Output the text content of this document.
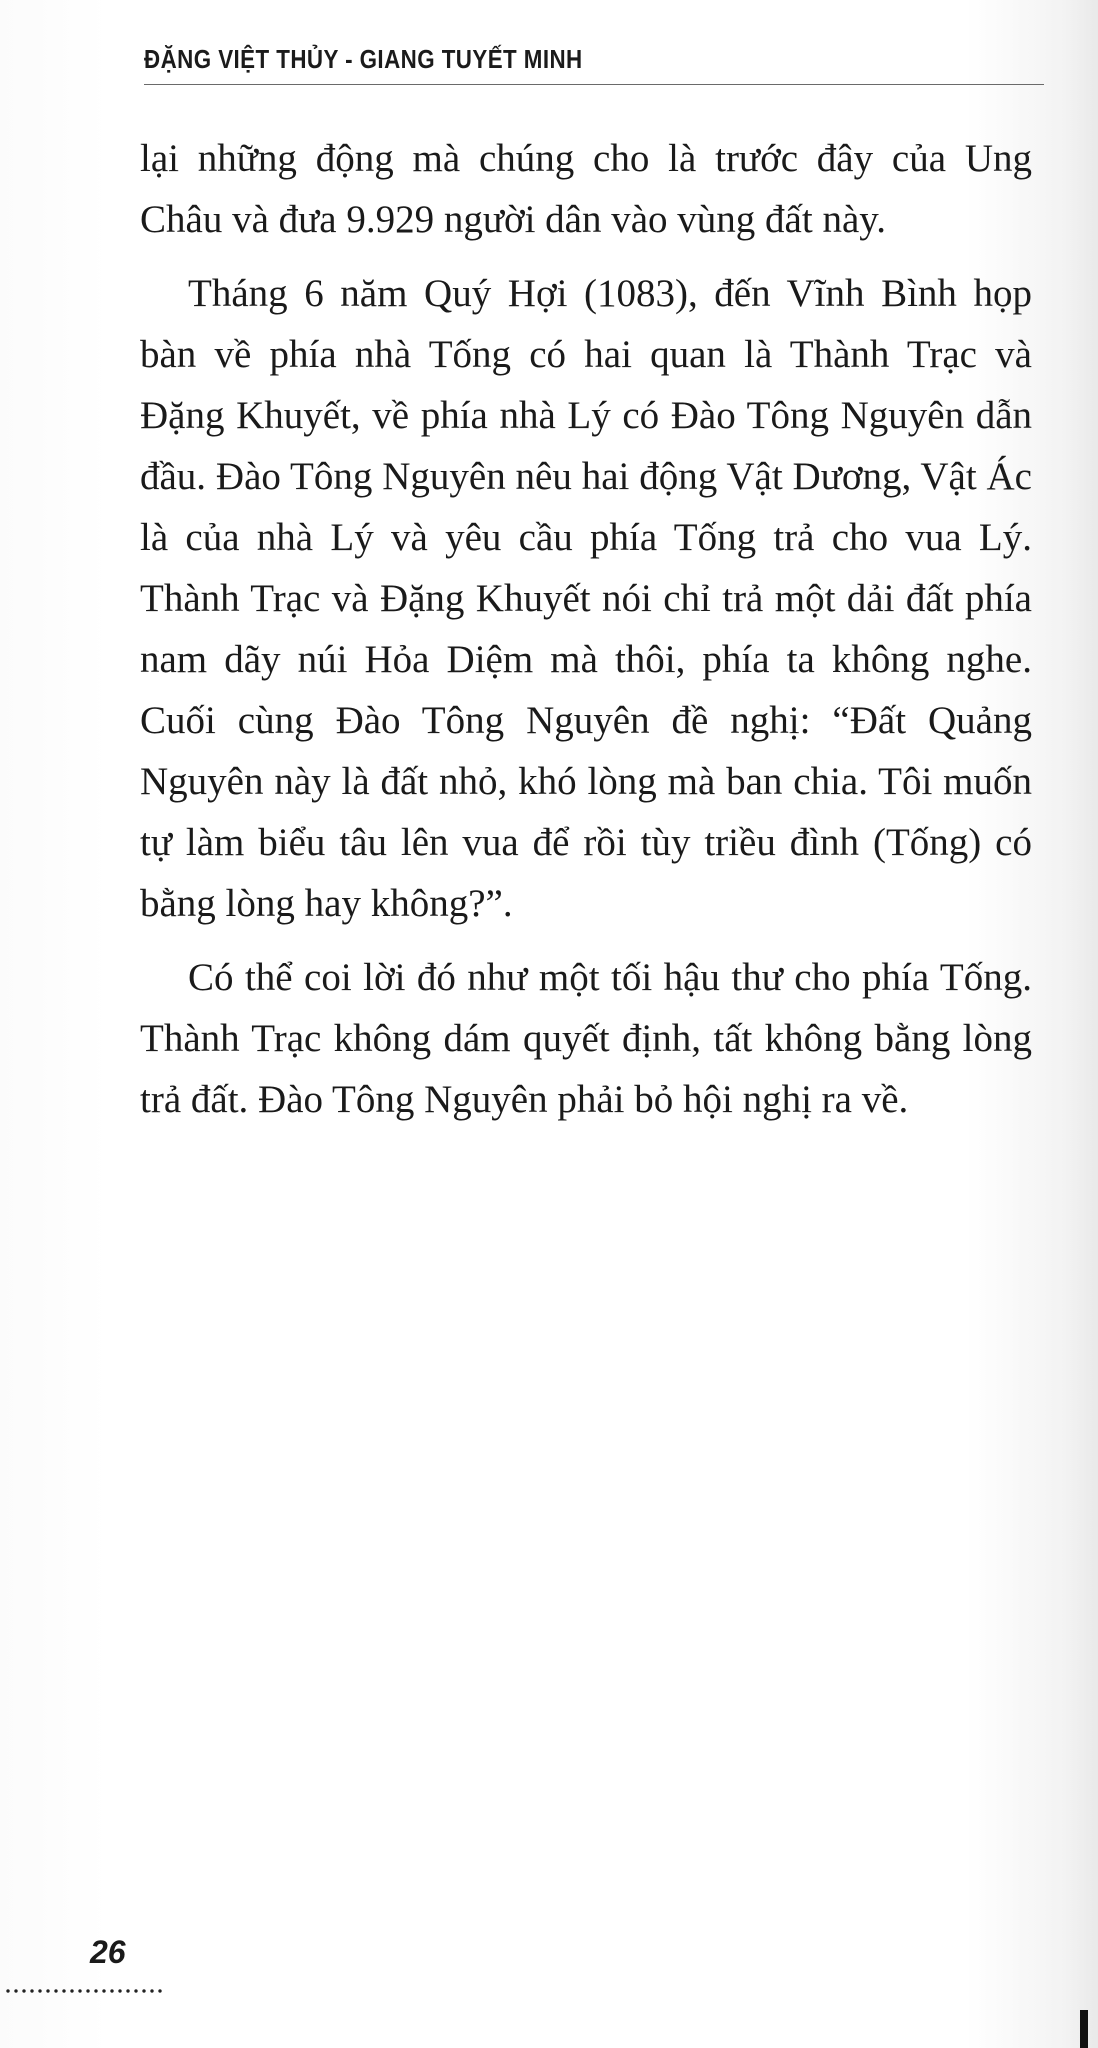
ĐẶNG VIỆT THỦY - GIANG TUYẾT MINH

lại những động mà chúng cho là trước đây của Ung Châu và đưa 9.929 người dân vào vùng đất này.

Tháng 6 năm Quý Hợi (1083), đến Vĩnh Bình họp bàn về phía nhà Tống có hai quan là Thành Trạc và Đặng Khuyết, về phía nhà Lý có Đào Tông Nguyên dẫn đầu. Đào Tông Nguyên nêu hai động Vật Dương, Vật Ác là của nhà Lý và yêu cầu phía Tống trả cho vua Lý. Thành Trạc và Đặng Khuyết nói chỉ trả một dải đất phía nam dãy núi Hỏa Diệm mà thôi, phía ta không nghe. Cuối cùng Đào Tông Nguyên đề nghị: “Đất Quảng Nguyên này là đất nhỏ, khó lòng mà ban chia. Tôi muốn tự làm biểu tâu lên vua để rồi tùy triều đình (Tống) có bằng lòng hay không?”.

Có thể coi lời đó như một tối hậu thư cho phía Tống. Thành Trạc không dám quyết định, tất không bằng lòng trả đất. Đào Tông Nguyên phải bỏ hội nghị ra về.

26
